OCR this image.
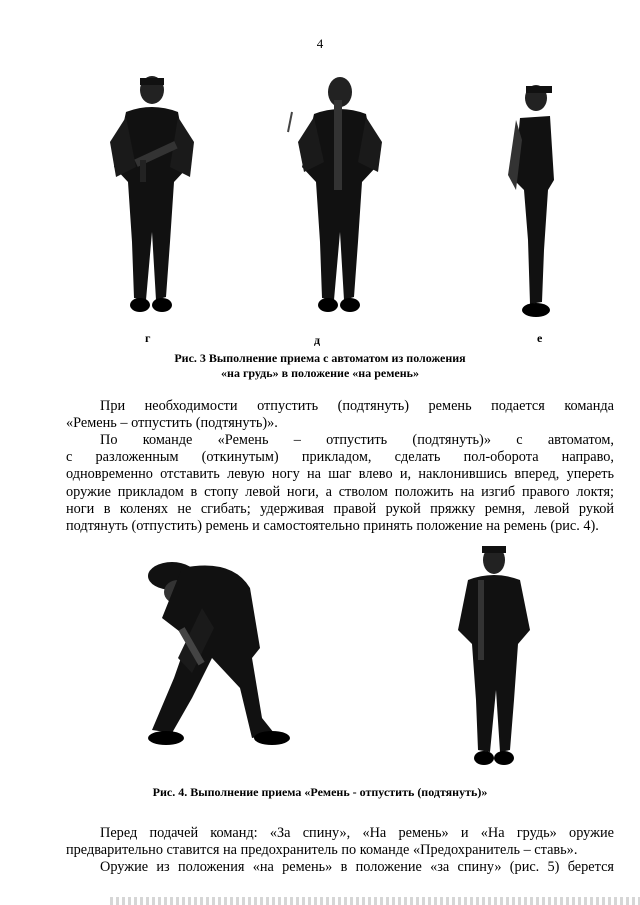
4
г	д	е
Рис. 3 Выполнение приема с автоматом из положения
«на грудь» в положение «на ремень»
При необходимости отпустить (подтянуть) ремень подается команда
«Ремень – отпустить (подтянуть)».
По команде «Ремень – отпустить (подтянуть)» с автоматом,
с разложенным (откинутым) прикладом, сделать пол-оборота направо,
одновременно отставить левую ногу на шаг влево и, наклонившись вперед, упереть
оружие прикладом в стопу левой ноги, а стволом положить на изгиб правого локтя;
ноги в коленях не сгибать; удерживая правой рукой пряжку ремня, левой рукой
подтянуть (отпустить) ремень и самостоятельно принять положение на ремень (рис. 4).
Рис. 4. Выполнение приема «Ремень - отпустить (подтянуть)»
Перед подачей команд: «За спину», «На ремень» и «На грудь» оружие
предварительно ставится на предохранитель по команде «Предохранитель – ставь».
Оружие из положения «на ремень» в положение «за спину» (рис. 5) берется
